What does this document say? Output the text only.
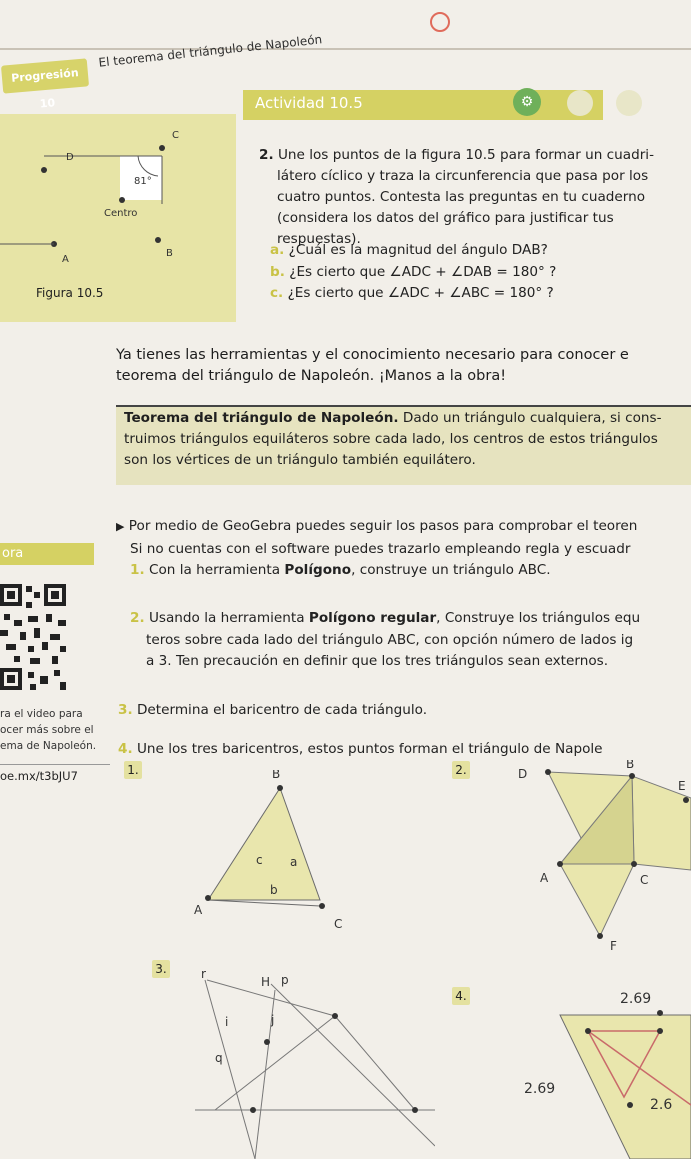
Progresión 10
El teorema del triángulo de Napoleón
C
D
81°
Centro
A
B
Figura 10.5
Actividad 10.5	⚙
2. Une los puntos de la figura 10.5 para formar un cuadri-
látero cíclico y traza la circunferencia que pasa por los
cuatro puntos. Contesta las preguntas en tu cuaderno
(considera los datos del gráfico para justificar tus
respuestas).
a. ¿Cuál es la magnitud del ángulo DAB?
b. ¿Es cierto que ∠ADC + ∠DAB = 180° ?
c. ¿Es cierto que ∠ADC + ∠ABC = 180° ?
Ya tienes las herramientas y el conocimiento necesario para conocer e
teorema del triángulo de Napoleón. ¡Manos a la obra!
Teorema del triángulo de Napoleón. Dado un triángulo cualquiera, si cons-
truimos triángulos equiláteros sobre cada lado, los centros de estos triángulos
son los vértices de un triángulo también equilátero.
ora
ra el video para
ocer más sobre el
ema de Napoleón.
oe.mx/t3bJU7
▶ Por medio de GeoGebra puedes seguir los pasos para comprobar el teoren
Si no cuentas con el software puedes trazarlo empleando regla y escuadr
1. Con la herramienta Polígono, construye un triángulo ABC.
2. Usando la herramienta Polígono regular, Construye los triángulos equ
teros sobre cada lado del triángulo ABC, con opción número de lados ig
a 3. Ten precaución en definir que los tres triángulos sean externos.
3. Determina el baricentro de cada triángulo.
4. Une los tres baricentros, estos puntos forman el triángulo de Napole
1.	B
A
C
a
b
c
2.	D
B
E
A	C
F
3.	r
H p
i	j
q
4.	2.69
2.69
2.6
